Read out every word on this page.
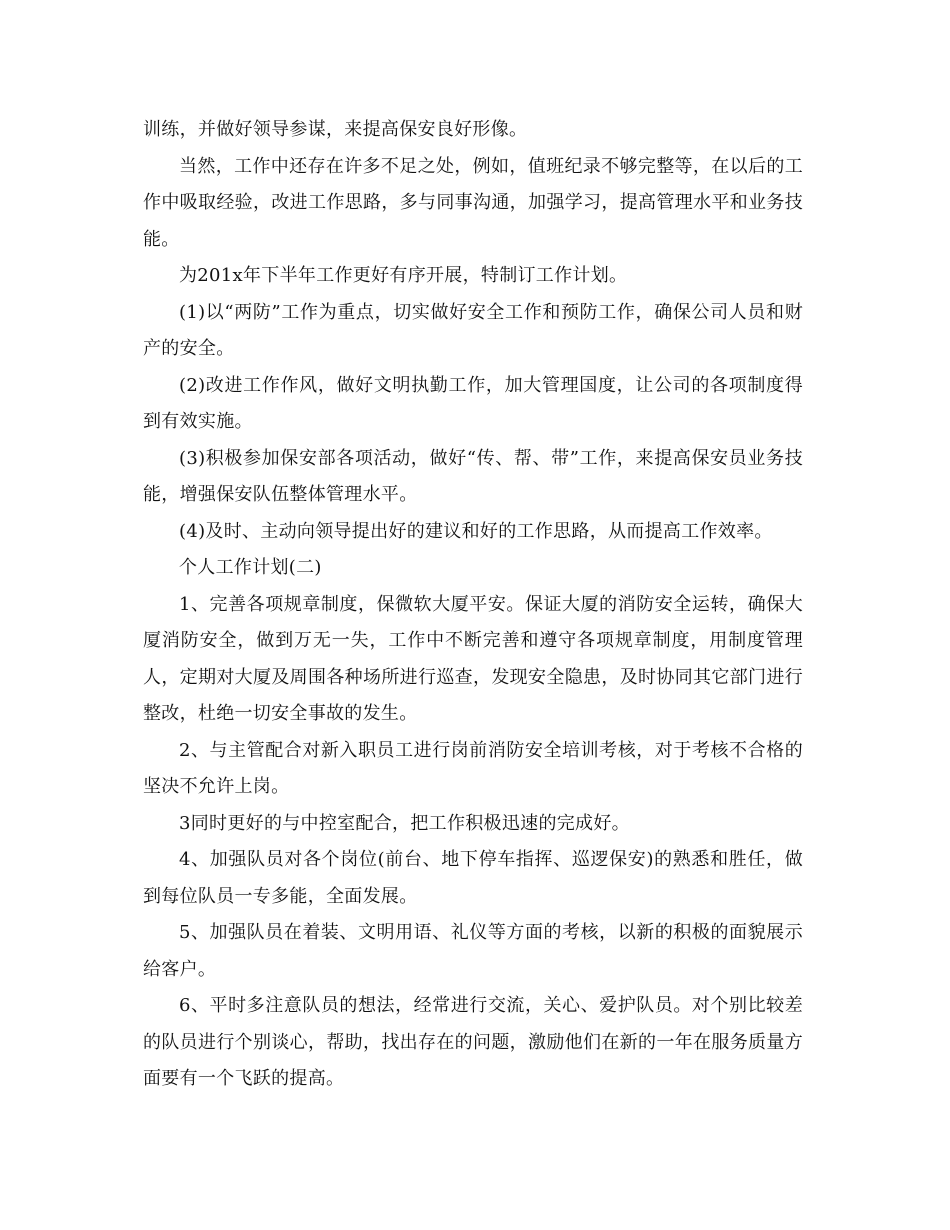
训练，并做好领导参谋，来提高保安良好形像。

当然，工作中还存在许多不足之处，例如，值班纪录不够完整等，在以后的工作中吸取经验，改进工作思路，多与同事沟通，加强学习，提高管理水平和业务技能。

为201x年下半年工作更好有序开展，特制订工作计划。

(1)以“两防”工作为重点，切实做好安全工作和预防工作，确保公司人员和财产的安全。

(2)改进工作作风，做好文明执勤工作，加大管理国度，让公司的各项制度得到有效实施。

(3)积极参加保安部各项活动，做好“传、帮、带”工作，来提高保安员业务技能，增强保安队伍整体管理水平。

(4)及时、主动向领导提出好的建议和好的工作思路，从而提高工作效率。

个人工作计划(二)

1、完善各项规章制度，保微软大厦平安。保证大厦的消防安全运转，确保大厦消防安全，做到万无一失，工作中不断完善和遵守各项规章制度，用制度管理人，定期对大厦及周围各种场所进行巡查，发现安全隐患，及时协同其它部门进行整改，杜绝一切安全事故的发生。

2、与主管配合对新入职员工进行岗前消防安全培训考核，对于考核不合格的坚决不允许上岗。

3同时更好的与中控室配合，把工作积极迅速的完成好。

4、加强队员对各个岗位(前台、地下停车指挥、巡逻保安)的熟悉和胜任，做到每位队员一专多能，全面发展。

5、加强队员在着装、文明用语、礼仪等方面的考核，以新的积极的面貌展示给客户。

6、平时多注意队员的想法，经常进行交流，关心、爱护队员。对个别比较差的队员进行个别谈心，帮助，找出存在的问题，激励他们在新的一年在服务质量方面要有一个飞跃的提高。
